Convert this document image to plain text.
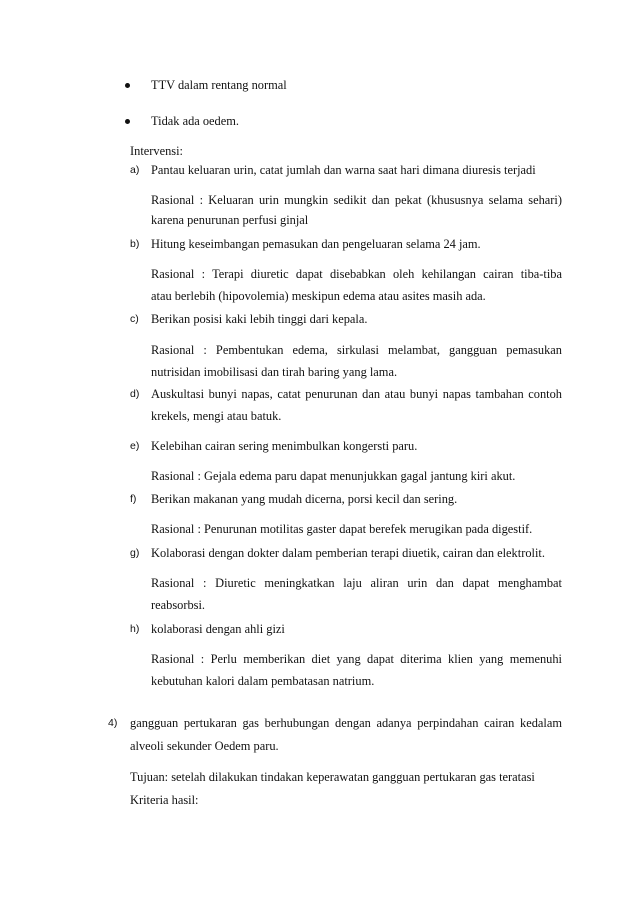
TTV dalam rentang normal
Tidak ada oedem.
Intervensi:
a) Pantau keluaran urin, catat jumlah dan warna saat hari dimana diuresis terjadi
Rasional : Keluaran urin mungkin sedikit dan pekat (khususnya selama sehari)
karena penurunan perfusi ginjal
b) Hitung keseimbangan pemasukan dan pengeluaran selama 24 jam.
Rasional : Terapi diuretic dapat disebabkan oleh kehilangan cairan tiba-tiba
atau berlebih (hipovolemia) meskipun edema atau asites masih ada.
c) Berikan posisi kaki lebih tinggi dari kepala.
Rasional : Pembentukan edema, sirkulasi melambat, gangguan pemasukan
nutrisidan imobilisasi dan tirah baring yang lama.
d) Auskultasi bunyi napas, catat penurunan dan atau bunyi napas tambahan contoh
krekels, mengi atau batuk.
e) Kelebihan cairan sering menimbulkan kongersti paru.
Rasional : Gejala edema paru dapat menunjukkan gagal jantung kiri akut.
f) Berikan makanan yang mudah dicerna, porsi kecil dan sering.
Rasional : Penurunan motilitas gaster dapat berefek merugikan pada digestif.
g) Kolaborasi dengan dokter dalam pemberian terapi diuetik, cairan dan elektrolit.
Rasional : Diuretic meningkatkan laju aliran urin dan dapat menghambat
reabsorbsi.
h) kolaborasi dengan ahli gizi
Rasional : Perlu memberikan diet yang dapat diterima klien yang memenuhi
kebutuhan kalori dalam pembatasan natrium.
4) gangguan pertukaran gas berhubungan dengan adanya perpindahan cairan kedalam
alveoli sekunder Oedem paru.
Tujuan: setelah dilakukan tindakan keperawatan gangguan pertukaran gas teratasi
Kriteria hasil:
